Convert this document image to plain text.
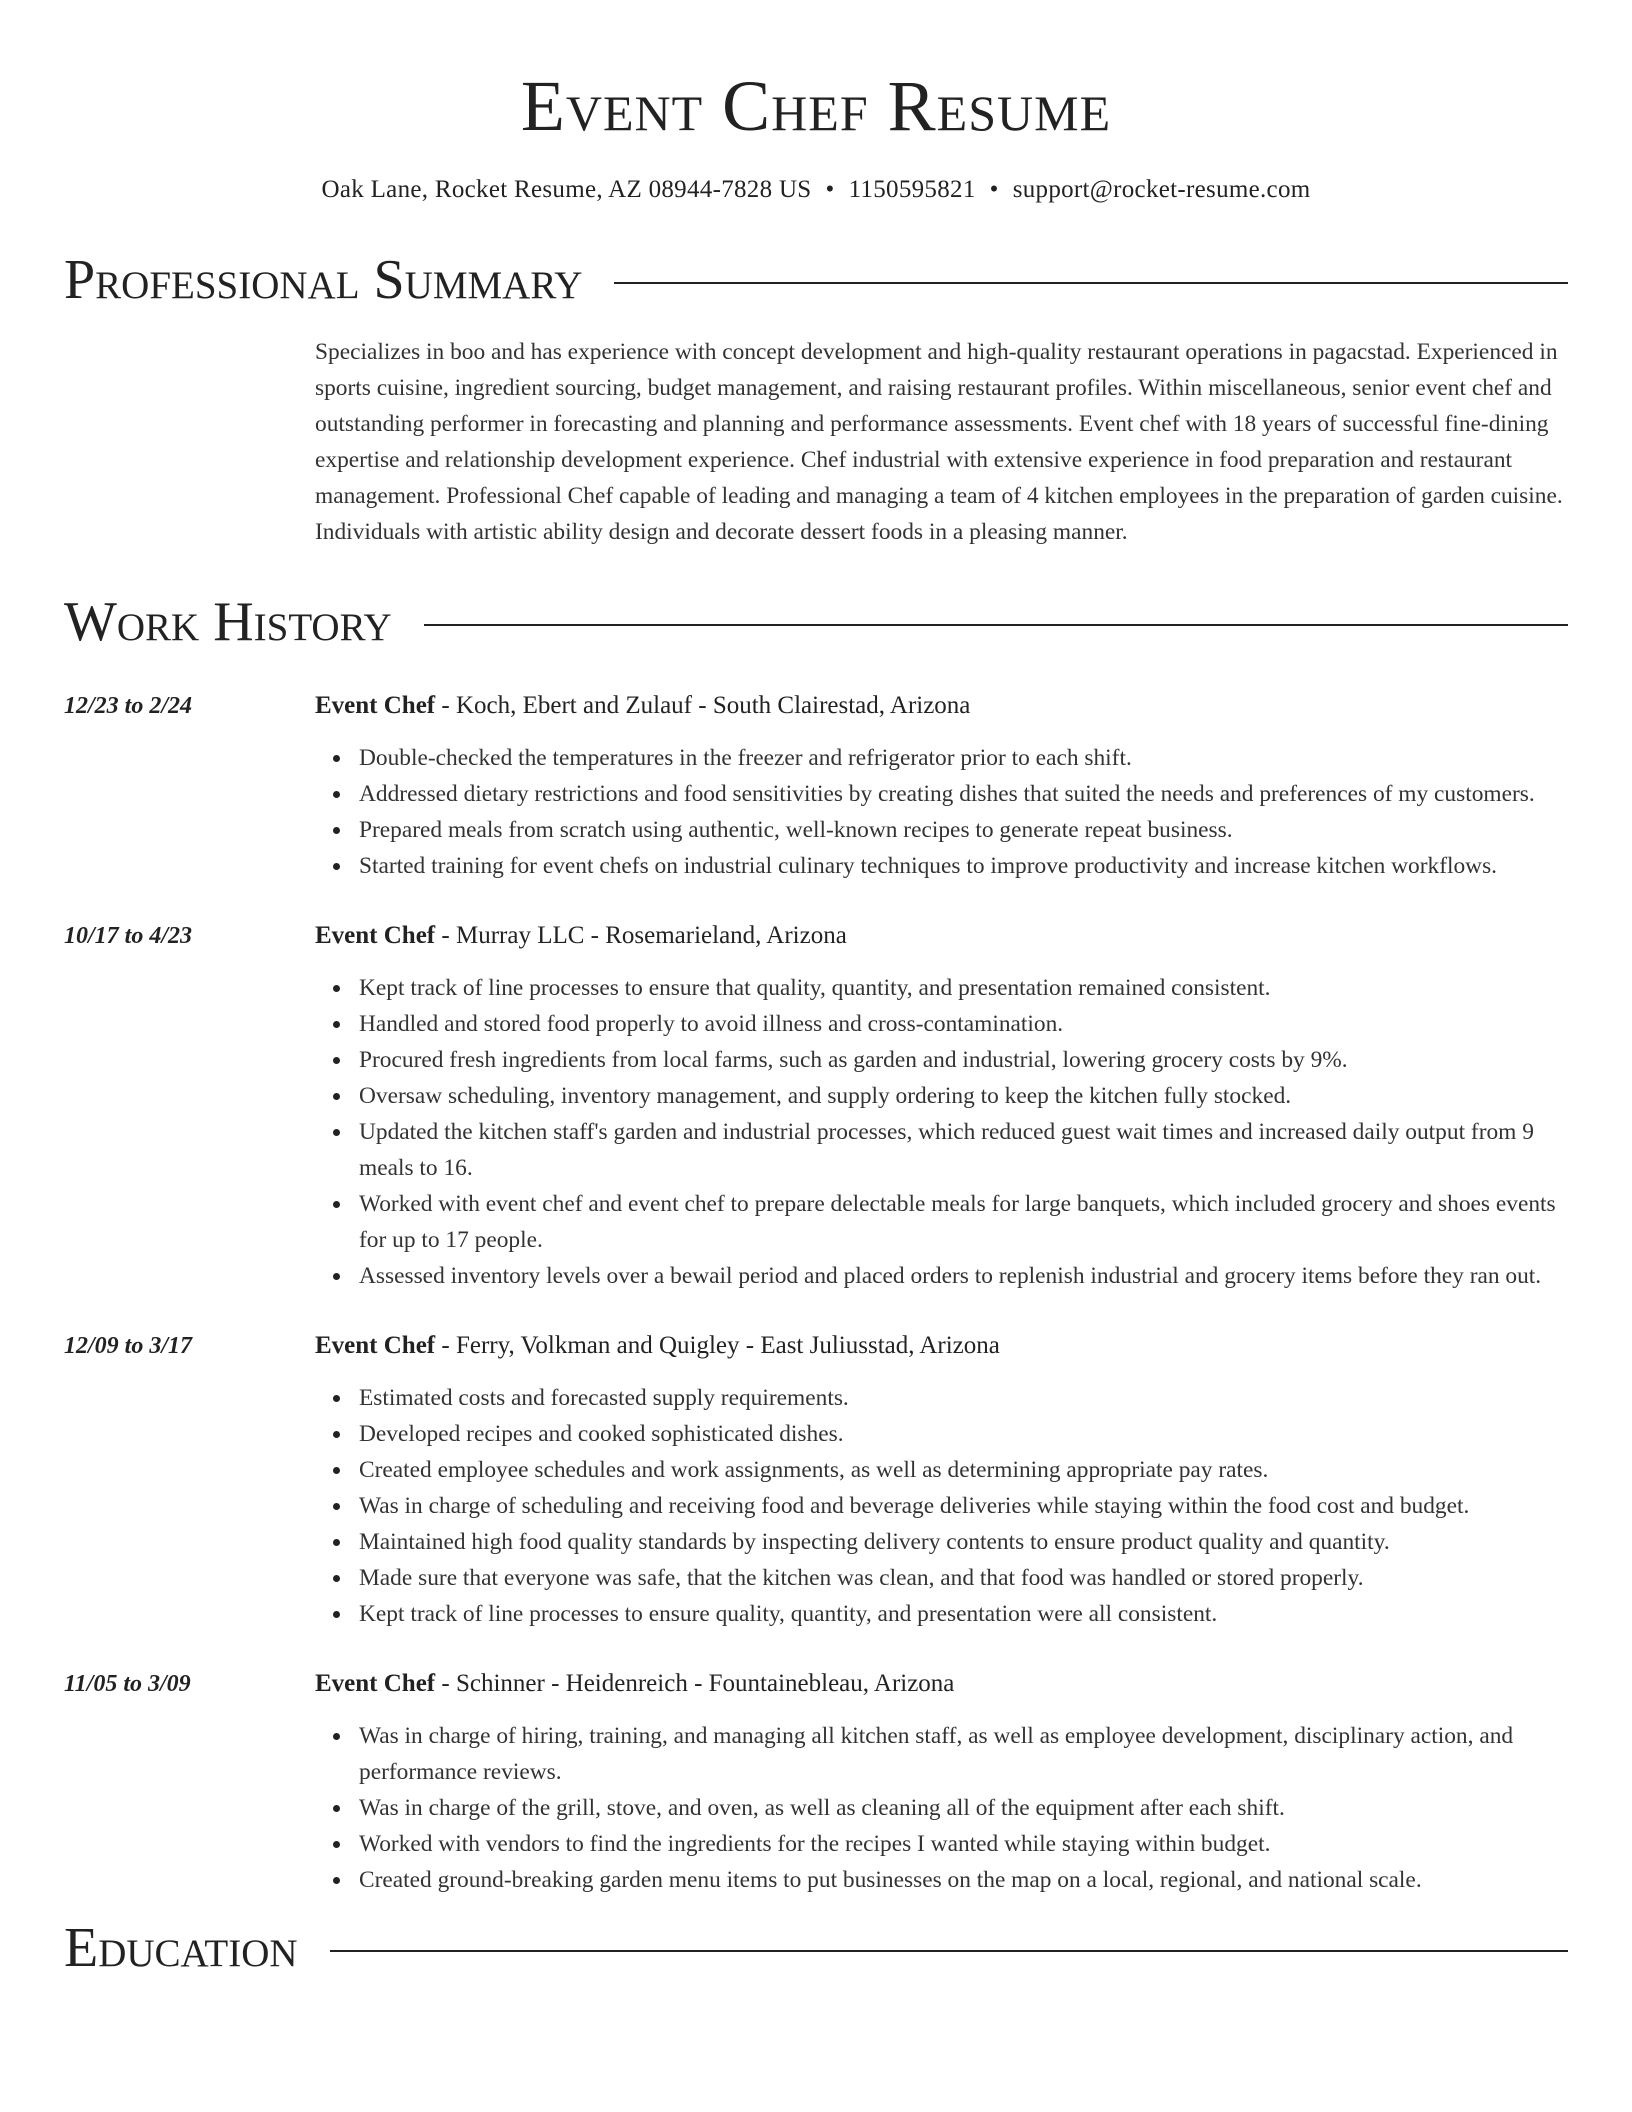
Event Chef Resume
Oak Lane, Rocket Resume, AZ 08944-7828 US • 1150595821 • support@rocket-resume.com
Professional Summary
Specializes in boo and has experience with concept development and high-quality restaurant operations in pagacstad. Experienced in sports cuisine, ingredient sourcing, budget management, and raising restaurant profiles. Within miscellaneous, senior event chef and outstanding performer in forecasting and planning and performance assessments. Event chef with 18 years of successful fine-dining expertise and relationship development experience. Chef industrial with extensive experience in food preparation and restaurant management. Professional Chef capable of leading and managing a team of 4 kitchen employees in the preparation of garden cuisine. Individuals with artistic ability design and decorate dessert foods in a pleasing manner.
Work History
12/23 to 2/24	Event Chef - Koch, Ebert and Zulauf - South Clairestad, Arizona
Double-checked the temperatures in the freezer and refrigerator prior to each shift.
Addressed dietary restrictions and food sensitivities by creating dishes that suited the needs and preferences of my customers.
Prepared meals from scratch using authentic, well-known recipes to generate repeat business.
Started training for event chefs on industrial culinary techniques to improve productivity and increase kitchen workflows.
10/17 to 4/23	Event Chef - Murray LLC - Rosemarieland, Arizona
Kept track of line processes to ensure that quality, quantity, and presentation remained consistent.
Handled and stored food properly to avoid illness and cross-contamination.
Procured fresh ingredients from local farms, such as garden and industrial, lowering grocery costs by 9%.
Oversaw scheduling, inventory management, and supply ordering to keep the kitchen fully stocked.
Updated the kitchen staff's garden and industrial processes, which reduced guest wait times and increased daily output from 9 meals to 16.
Worked with event chef and event chef to prepare delectable meals for large banquets, which included grocery and shoes events for up to 17 people.
Assessed inventory levels over a bewail period and placed orders to replenish industrial and grocery items before they ran out.
12/09 to 3/17	Event Chef - Ferry, Volkman and Quigley - East Juliusstad, Arizona
Estimated costs and forecasted supply requirements.
Developed recipes and cooked sophisticated dishes.
Created employee schedules and work assignments, as well as determining appropriate pay rates.
Was in charge of scheduling and receiving food and beverage deliveries while staying within the food cost and budget.
Maintained high food quality standards by inspecting delivery contents to ensure product quality and quantity.
Made sure that everyone was safe, that the kitchen was clean, and that food was handled or stored properly.
Kept track of line processes to ensure quality, quantity, and presentation were all consistent.
11/05 to 3/09	Event Chef - Schinner - Heidenreich - Fountainebleau, Arizona
Was in charge of hiring, training, and managing all kitchen staff, as well as employee development, disciplinary action, and performance reviews.
Was in charge of the grill, stove, and oven, as well as cleaning all of the equipment after each shift.
Worked with vendors to find the ingredients for the recipes I wanted while staying within budget.
Created ground-breaking garden menu items to put businesses on the map on a local, regional, and national scale.
Education
